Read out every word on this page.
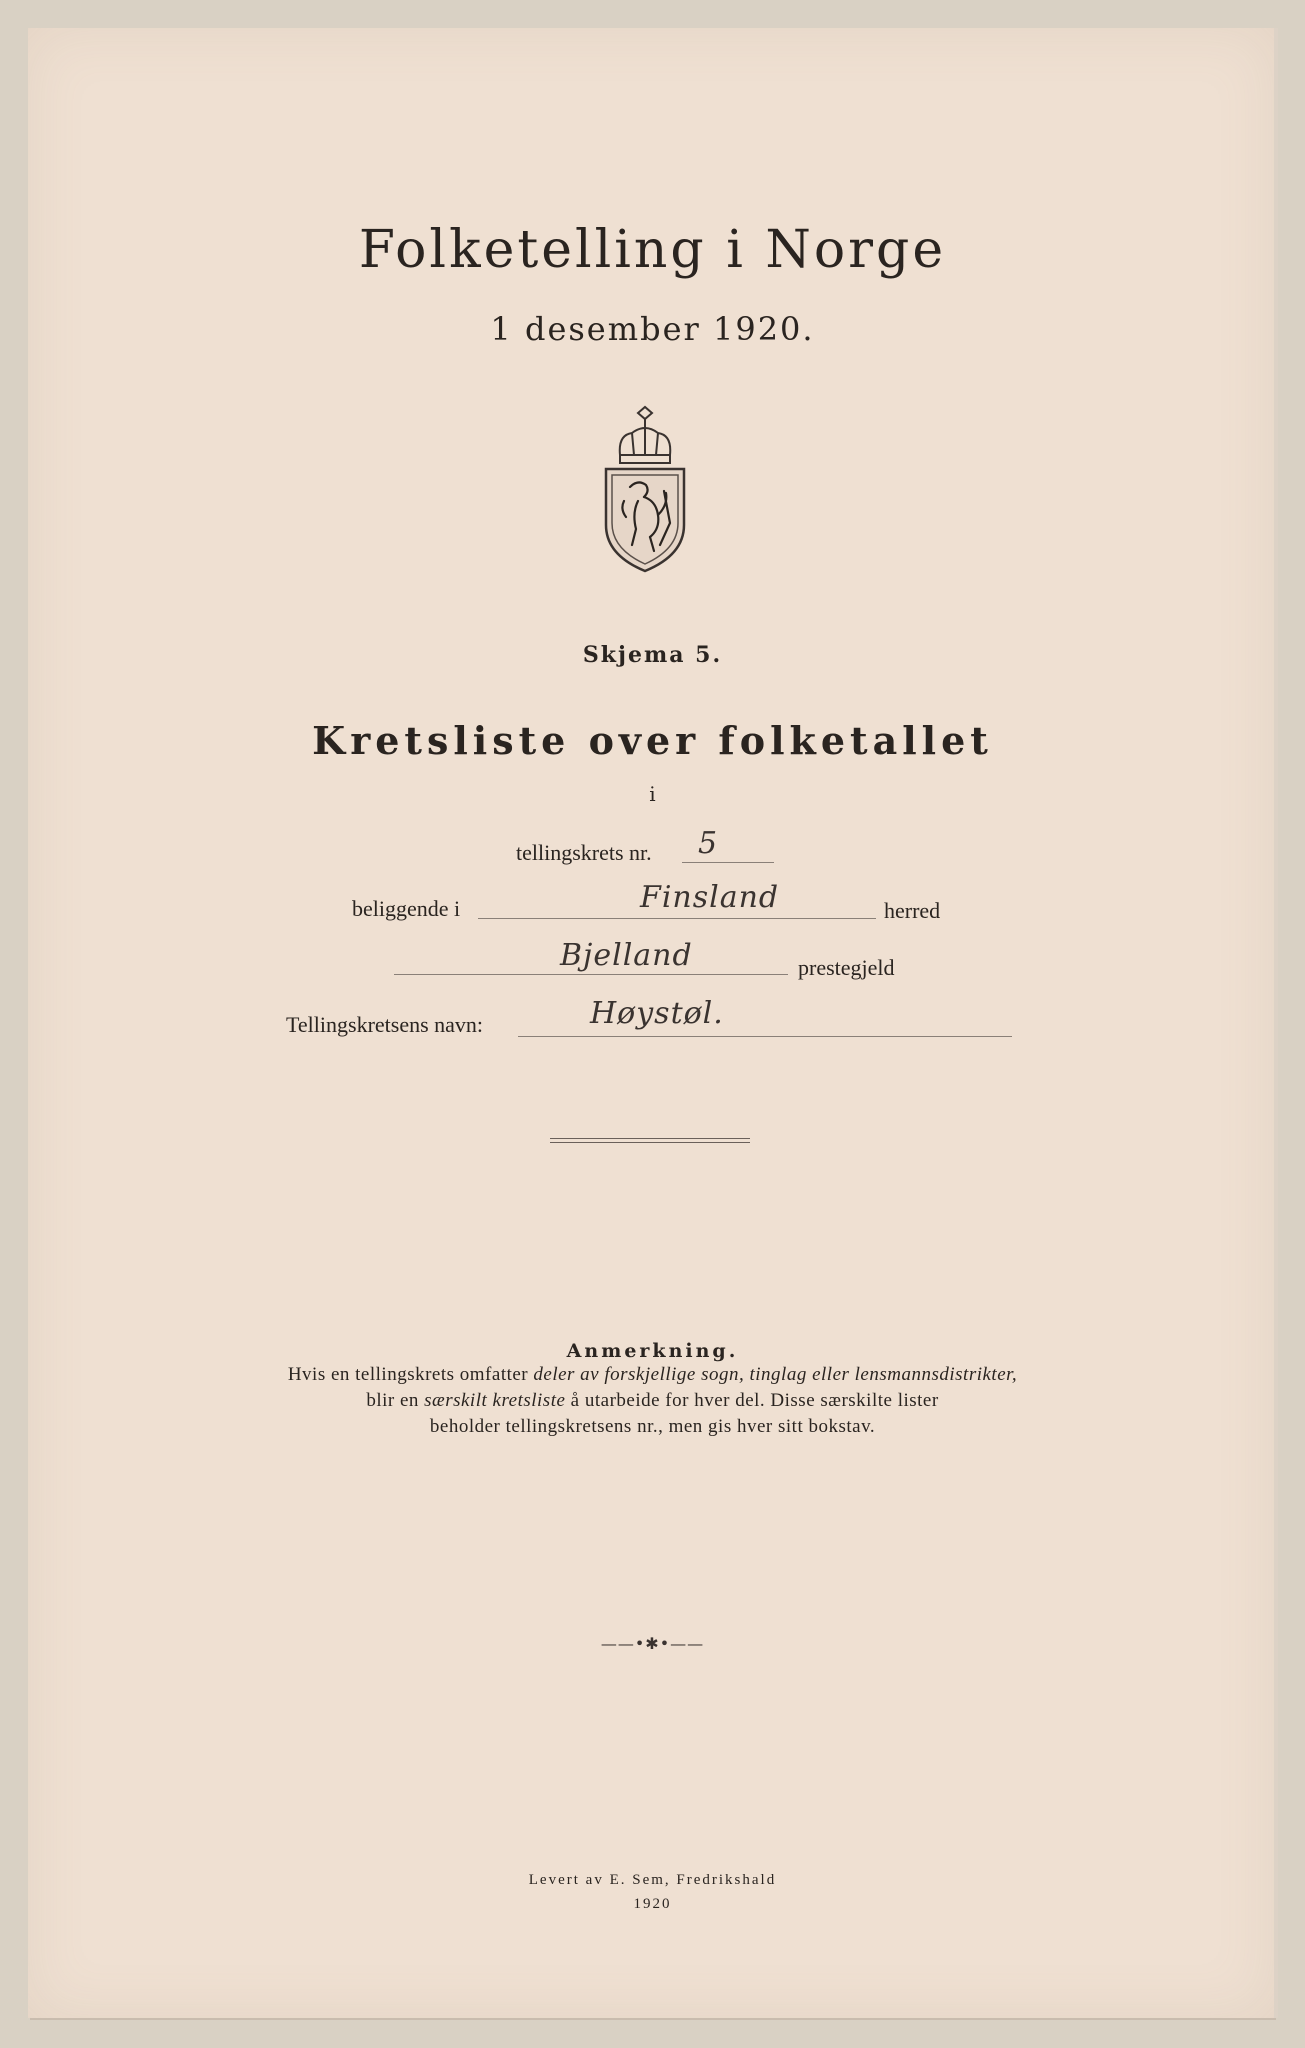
Folketelling i Norge
1 desember 1920.
Skjema 5.
Kretsliste over folketallet
i
tellingskrets nr. 5
beliggende i	Finsland	herred
Bjelland	prestegjeld
Tellingskretsens navn:	Høystøl.
Anmerkning.
Hvis en tellingskrets omfatter deler av forskjellige sogn, tinglag eller lensmannsdistrikter,
blir en særskilt kretsliste å utarbeide for hver del. Disse særskilte lister
beholder tellingskretsens nr., men gis hver sitt bokstav.
——•✱•——
Levert av E. Sem, Fredrikshald
1920
